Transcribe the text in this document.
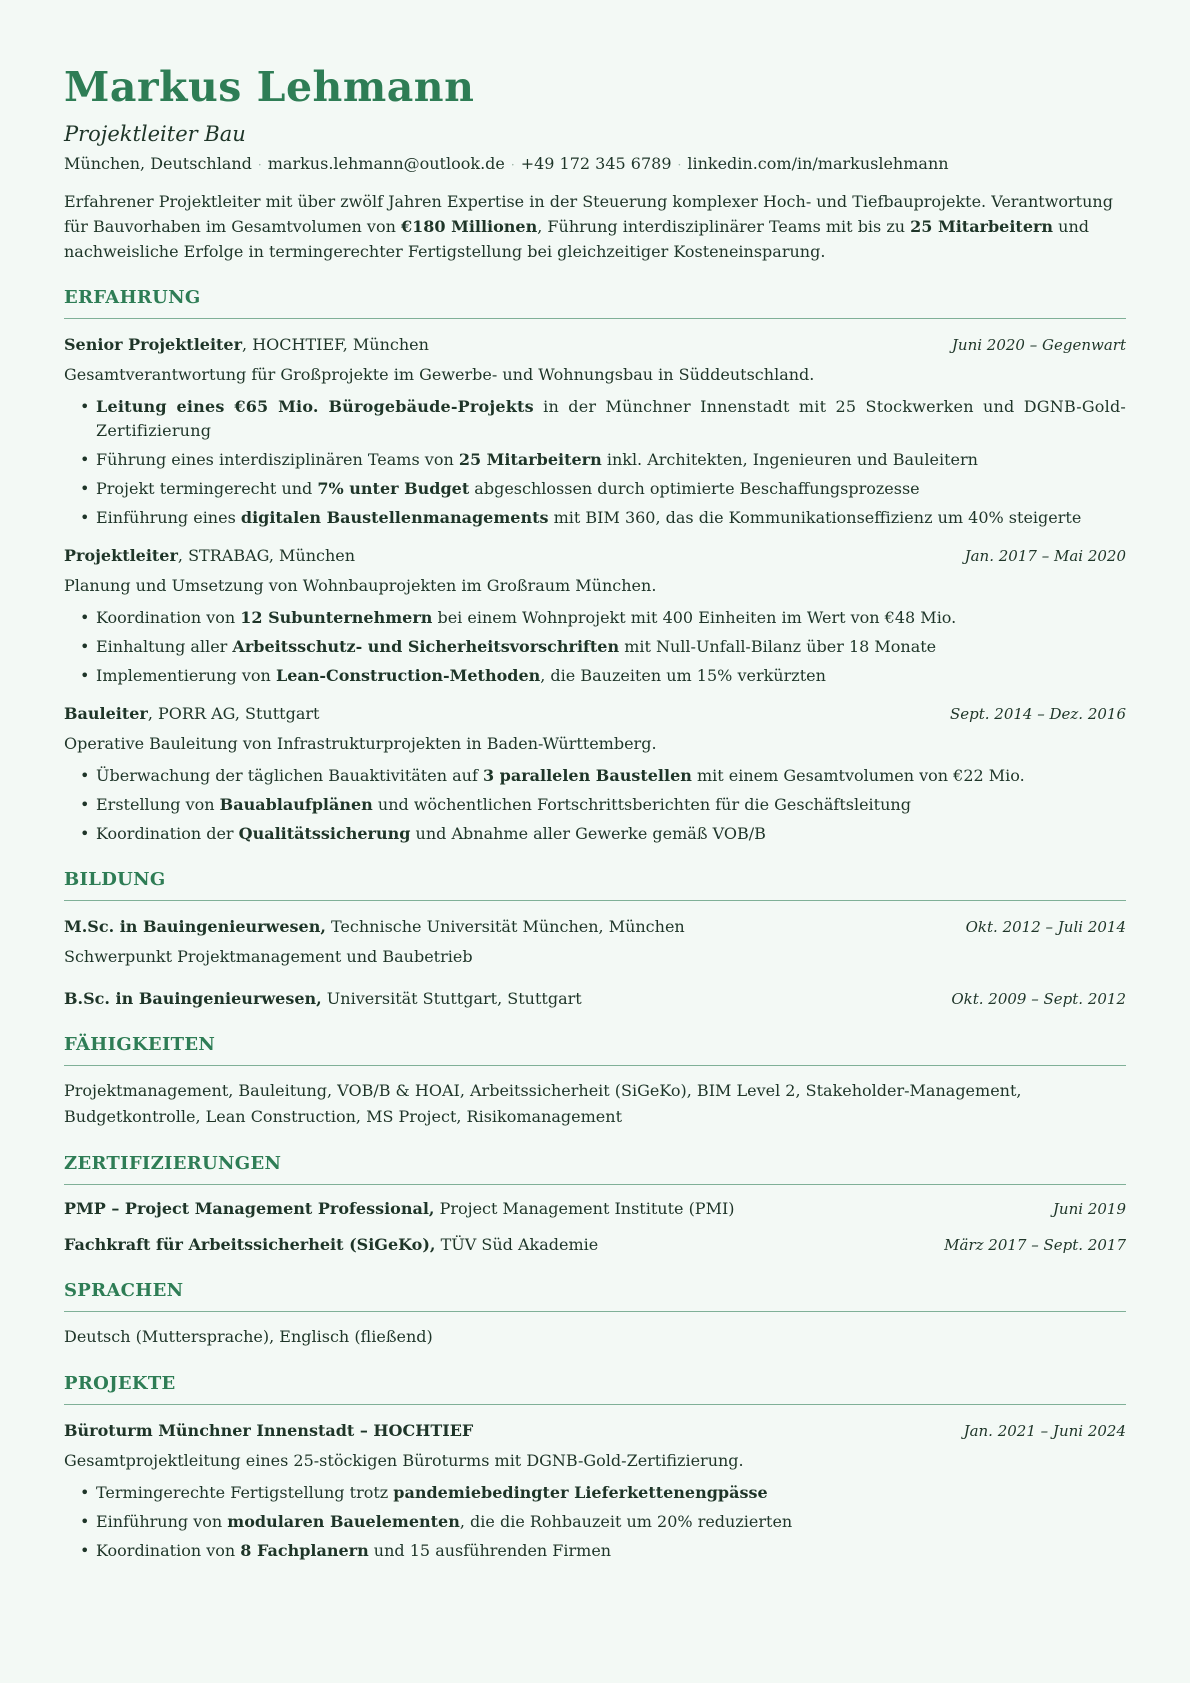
Markus Lehmann
Projektleiter Bau
München, Deutschland · markus.lehmann@outlook.de · +49 172 345 6789 · linkedin.com/in/markuslehmann
Erfahrener Projektleiter mit über zwölf Jahren Expertise in der Steuerung komplexer Hoch- und Tiefbauprojekte. Verantwortung für Bauvorhaben im Gesamtvolumen von €180 Millionen, Führung interdisziplinärer Teams mit bis zu 25 Mitarbeitern und nachweisliche Erfolge in termingerechter Fertigstellung bei gleichzeitiger Kosteneinsparung.
ERFAHRUNG
Senior Projektleiter, HOCHTIEF, München	Juni 2020 – Gegenwart
Gesamtverantwortung für Großprojekte im Gewerbe- und Wohnungsbau in Süddeutschland.
• Leitung eines €65 Mio. Bürogebäude-Projekts in der Münchner Innenstadt mit 25 Stockwerken und DGNB-Gold-Zertifizierung
• Führung eines interdisziplinären Teams von 25 Mitarbeitern inkl. Architekten, Ingenieuren und Bauleitern
• Projekt termingerecht und 7% unter Budget abgeschlossen durch optimierte Beschaffungsprozesse
• Einführung eines digitalen Baustellenmanagements mit BIM 360, das die Kommunikationseffizienz um 40% steigerte
Projektleiter, STRABAG, München	Jan. 2017 – Mai 2020
Planung und Umsetzung von Wohnbauprojekten im Großraum München.
• Koordination von 12 Subunternehmern bei einem Wohnprojekt mit 400 Einheiten im Wert von €48 Mio.
• Einhaltung aller Arbeitsschutz- und Sicherheitsvorschriften mit Null-Unfall-Bilanz über 18 Monate
• Implementierung von Lean-Construction-Methoden, die Bauzeiten um 15% verkürzten
Bauleiter, PORR AG, Stuttgart	Sept. 2014 – Dez. 2016
Operative Bauleitung von Infrastrukturprojekten in Baden-Württemberg.
• Überwachung der täglichen Bauaktivitäten auf 3 parallelen Baustellen mit einem Gesamtvolumen von €22 Mio.
• Erstellung von Bauablaufplänen und wöchentlichen Fortschrittsberichten für die Geschäftsleitung
• Koordination der Qualitätssicherung und Abnahme aller Gewerke gemäß VOB/B
BILDUNG
M.Sc. in Bauingenieurwesen, Technische Universität München, München	Okt. 2012 – Juli 2014
Schwerpunkt Projektmanagement und Baubetrieb
B.Sc. in Bauingenieurwesen, Universität Stuttgart, Stuttgart	Okt. 2009 – Sept. 2012
FÄHIGKEITEN
Projektmanagement, Bauleitung, VOB/B & HOAI, Arbeitssicherheit (SiGeKo), BIM Level 2, Stakeholder-Management, Budgetkontrolle, Lean Construction, MS Project, Risikomanagement
ZERTIFIZIERUNGEN
PMP – Project Management Professional, Project Management Institute (PMI)	Juni 2019
Fachkraft für Arbeitssicherheit (SiGeKo), TÜV Süd Akademie	März 2017 – Sept. 2017
SPRACHEN
Deutsch (Muttersprache), Englisch (fließend)
PROJEKTE
Büroturm Münchner Innenstadt – HOCHTIEF	Jan. 2021 – Juni 2024
Gesamtprojektleitung eines 25-stöckigen Büroturms mit DGNB-Gold-Zertifizierung.
• Termingerechte Fertigstellung trotz pandemiebedingter Lieferkettenengpässe
• Einführung von modularen Bauelementen, die die Rohbauzeit um 20% reduzierten
• Koordination von 8 Fachplanern und 15 ausführenden Firmen
